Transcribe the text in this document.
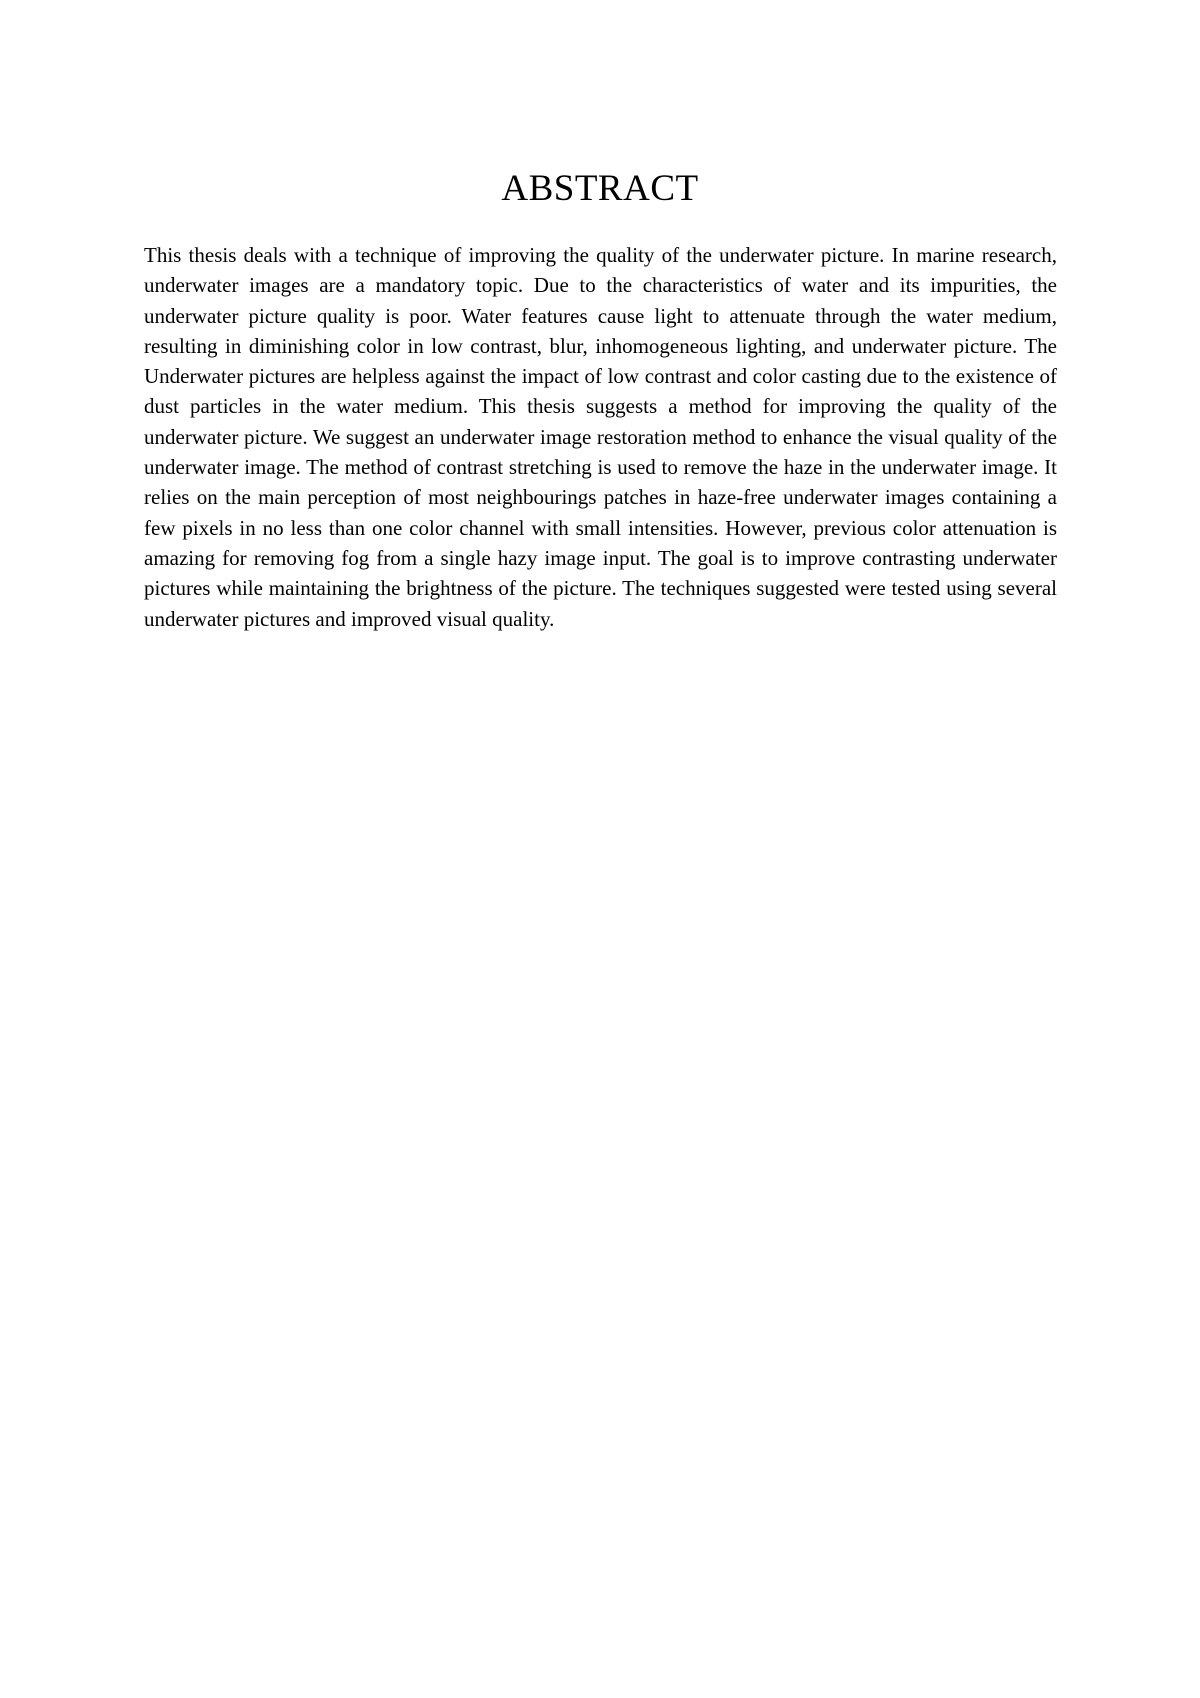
ABSTRACT

This thesis deals with a technique of improving the quality of the underwater picture. In marine research, underwater images are a mandatory topic. Due to the characteristics of water and its impurities, the underwater picture quality is poor. Water features cause light to attenuate through the water medium, resulting in diminishing color in low contrast, blur, inhomogeneous lighting, and underwater picture. The Underwater pictures are helpless against the impact of low contrast and color casting due to the existence of dust particles in the water medium. This thesis suggests a method for improving the quality of the underwater picture. We suggest an underwater image restoration method to enhance the visual quality of the underwater image. The method of contrast stretching is used to remove the haze in the underwater image. It relies on the main perception of most neighbourings patches in haze-free underwater images containing a few pixels in no less than one color channel with small intensities. However, previous color attenuation is amazing for removing fog from a single hazy image input. The goal is to improve contrasting underwater pictures while maintaining the brightness of the picture. The techniques suggested were tested using several underwater pictures and improved visual quality.
